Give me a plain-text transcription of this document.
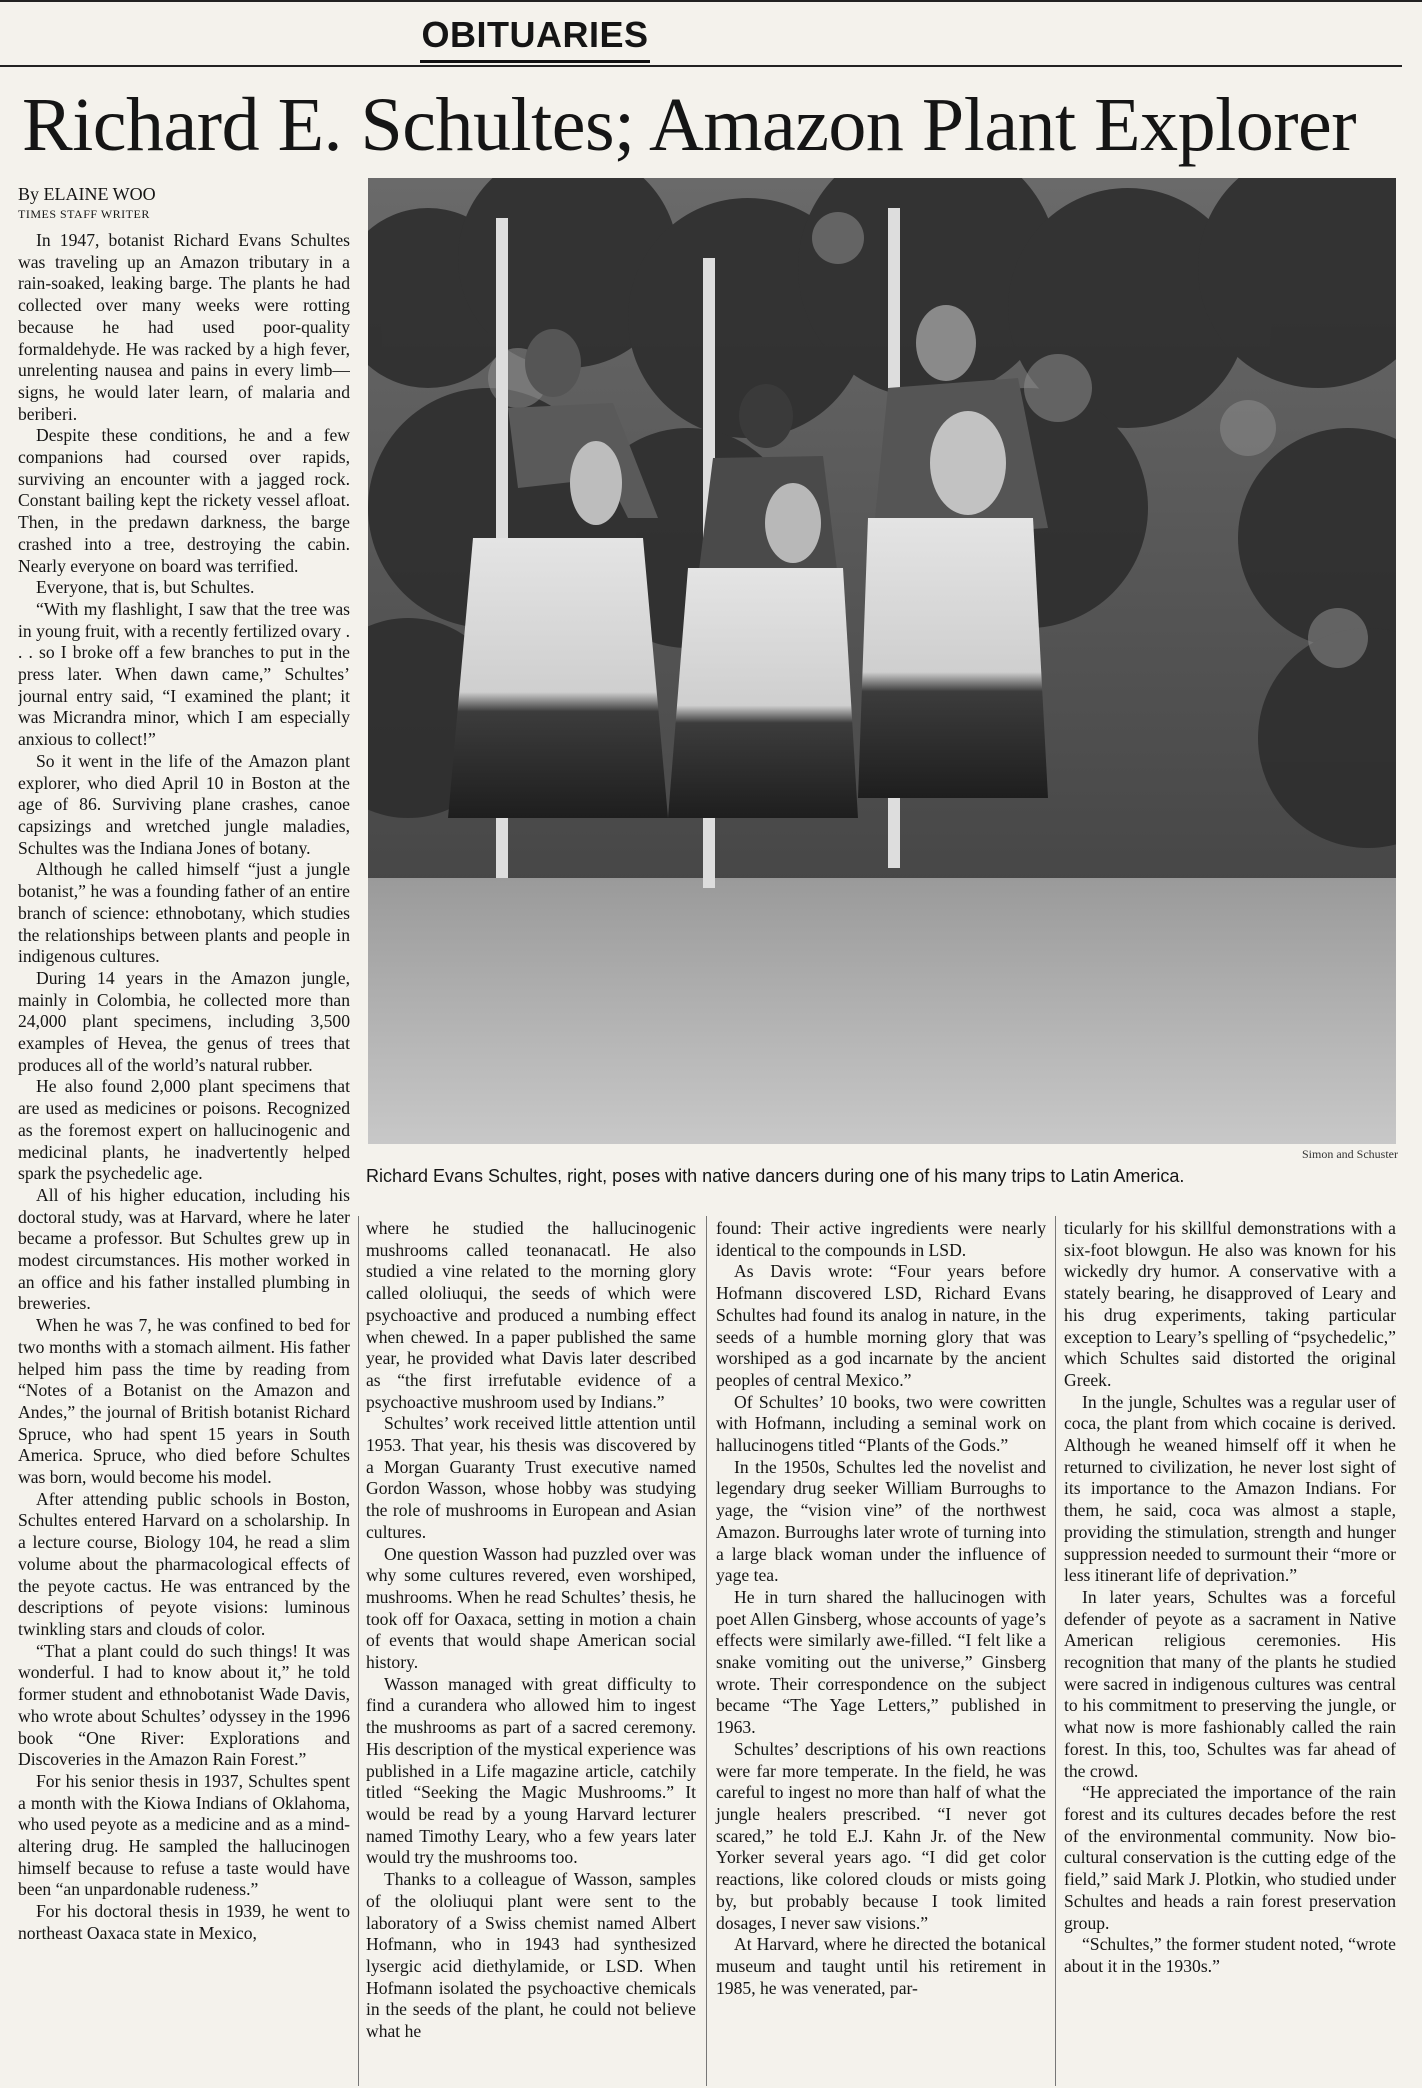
OBITUARIES
Richard E. Schultes; Amazon Plant Explorer
By ELAINE WOO
TIMES STAFF WRITER
Simon and Schuster
Richard Evans Schultes, right, poses with native dancers during one of his many trips to Latin America.

In 1947, botanist Richard Evans Schultes was traveling up an Amazon tributary in a rain-soaked, leaking barge. The plants he had collected over many weeks were rotting because he had used poor-quality formaldehyde. He was racked by a high fever, unrelenting nausea and pains in every limb—signs, he would later learn, of malaria and beriberi.

Despite these conditions, he and a few companions had coursed over rapids, surviving an encounter with a jagged rock. Constant bailing kept the rickety vessel afloat. Then, in the predawn darkness, the barge crashed into a tree, destroying the cabin. Nearly everyone on board was terrified.

Everyone, that is, but Schultes.

“With my flashlight, I saw that the tree was in young fruit, with a recently fertilized ovary . . . so I broke off a few branches to put in the press later. When dawn came,” Schultes’ journal entry said, “I examined the plant; it was Micrandra minor, which I am especially anxious to collect!”

So it went in the life of the Amazon plant explorer, who died April 10 in Boston at the age of 86. Surviving plane crashes, canoe capsizings and wretched jungle maladies, Schultes was the Indiana Jones of botany.

Although he called himself “just a jungle botanist,” he was a founding father of an entire branch of science: ethnobotany, which studies the relationships between plants and people in indigenous cultures.

During 14 years in the Amazon jungle, mainly in Colombia, he collected more than 24,000 plant specimens, including 3,500 examples of Hevea, the genus of trees that produces all of the world’s natural rubber.

He also found 2,000 plant specimens that are used as medicines or poisons. Recognized as the foremost expert on hallucinogenic and medicinal plants, he inadvertently helped spark the psychedelic age.

All of his higher education, including his doctoral study, was at Harvard, where he later became a professor. But Schultes grew up in modest circumstances. His mother worked in an office and his father installed plumbing in breweries.

When he was 7, he was confined to bed for two months with a stomach ailment. His father helped him pass the time by reading from “Notes of a Botanist on the Amazon and Andes,” the journal of British botanist Richard Spruce, who had spent 15 years in South America. Spruce, who died before Schultes was born, would become his model.

After attending public schools in Boston, Schultes entered Harvard on a scholarship. In a lecture course, Biology 104, he read a slim volume about the pharmacological effects of the peyote cactus. He was entranced by the descriptions of peyote visions: luminous twinkling stars and clouds of color.

“That a plant could do such things! It was wonderful. I had to know about it,” he told former student and ethnobotanist Wade Davis, who wrote about Schultes’ odyssey in the 1996 book “One River: Explorations and Discoveries in the Amazon Rain Forest.”

For his senior thesis in 1937, Schultes spent a month with the Kiowa Indians of Oklahoma, who used peyote as a medicine and as a mind-altering drug. He sampled the hallucinogen himself because to refuse a taste would have been “an unpardonable rudeness.”

For his doctoral thesis in 1939, he went to northeast Oaxaca state in Mexico,

where he studied the hallucinogenic mushrooms called teonanacatl. He also studied a vine related to the morning glory called ololiuqui, the seeds of which were psychoactive and produced a numbing effect when chewed. In a paper published the same year, he provided what Davis later described as “the first irrefutable evidence of a psychoactive mushroom used by Indians.”

Schultes’ work received little attention until 1953. That year, his thesis was discovered by a Morgan Guaranty Trust executive named Gordon Wasson, whose hobby was studying the role of mushrooms in European and Asian cultures.

One question Wasson had puzzled over was why some cultures revered, even worshiped, mushrooms. When he read Schultes’ thesis, he took off for Oaxaca, setting in motion a chain of events that would shape American social history.

Wasson managed with great difficulty to find a curandera who allowed him to ingest the mushrooms as part of a sacred ceremony. His description of the mystical experience was published in a Life magazine article, catchily titled “Seeking the Magic Mushrooms.” It would be read by a young Harvard lecturer named Timothy Leary, who a few years later would try the mushrooms too.

Thanks to a colleague of Wasson, samples of the ololiuqui plant were sent to the laboratory of a Swiss chemist named Albert Hofmann, who in 1943 had synthesized lysergic acid diethylamide, or LSD. When Hofmann isolated the psychoactive chemicals in the seeds of the plant, he could not believe what he

found: Their active ingredients were nearly identical to the compounds in LSD.

As Davis wrote: “Four years before Hofmann discovered LSD, Richard Evans Schultes had found its analog in nature, in the seeds of a humble morning glory that was worshiped as a god incarnate by the ancient peoples of central Mexico.”

Of Schultes’ 10 books, two were cowritten with Hofmann, including a seminal work on hallucinogens titled “Plants of the Gods.”

In the 1950s, Schultes led the novelist and legendary drug seeker William Burroughs to yage, the “vision vine” of the northwest Amazon. Burroughs later wrote of turning into a large black woman under the influence of yage tea.

He in turn shared the hallucinogen with poet Allen Ginsberg, whose accounts of yage’s effects were similarly awe-filled. “I felt like a snake vomiting out the universe,” Ginsberg wrote. Their correspondence on the subject became “The Yage Letters,” published in 1963.

Schultes’ descriptions of his own reactions were far more temperate. In the field, he was careful to ingest no more than half of what the jungle healers prescribed. “I never got scared,” he told E.J. Kahn Jr. of the New Yorker several years ago. “I did get color reactions, like colored clouds or mists going by, but probably because I took limited dosages, I never saw visions.”

At Harvard, where he directed the botanical museum and taught until his retirement in 1985, he was venerated, par-

ticularly for his skillful demonstrations with a six-foot blowgun. He also was known for his wickedly dry humor. A conservative with a stately bearing, he disapproved of Leary and his drug experiments, taking particular exception to Leary’s spelling of “psychedelic,” which Schultes said distorted the original Greek.

In the jungle, Schultes was a regular user of coca, the plant from which cocaine is derived. Although he weaned himself off it when he returned to civilization, he never lost sight of its importance to the Amazon Indians. For them, he said, coca was almost a staple, providing the stimulation, strength and hunger suppression needed to surmount their “more or less itinerant life of deprivation.”

In later years, Schultes was a forceful defender of peyote as a sacrament in Native American religious ceremonies. His recognition that many of the plants he studied were sacred in indigenous cultures was central to his commitment to preserving the jungle, or what now is more fashionably called the rain forest. In this, too, Schultes was far ahead of the crowd.

“He appreciated the importance of the rain forest and its cultures decades before the rest of the environmental community. Now bio-cultural conservation is the cutting edge of the field,” said Mark J. Plotkin, who studied under Schultes and heads a rain forest preservation group.

“Schultes,” the former student noted, “wrote about it in the 1930s.”
